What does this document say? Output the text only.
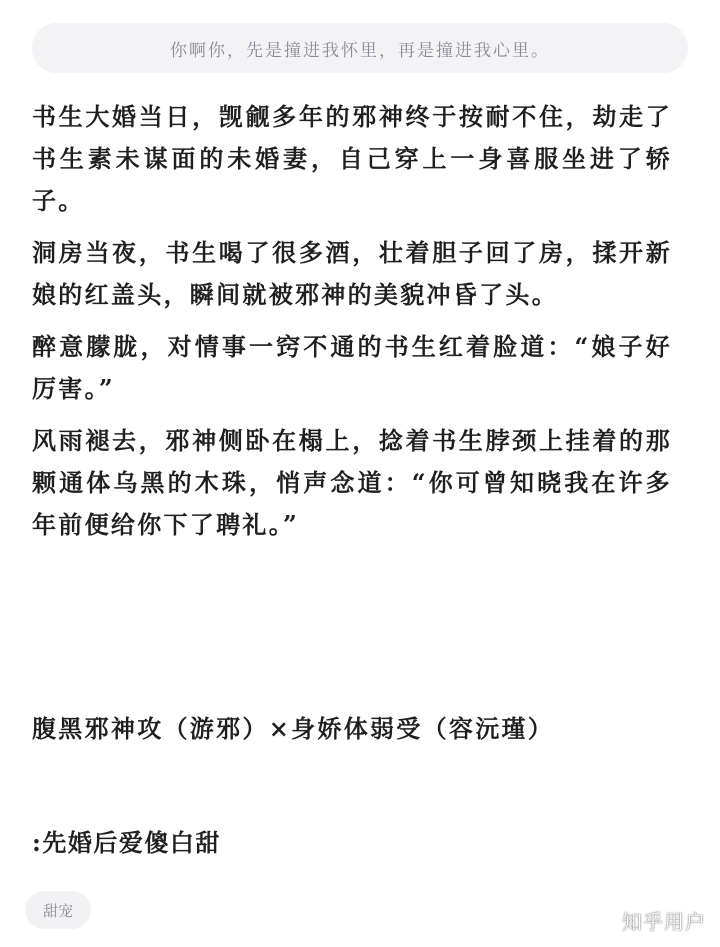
你啊你，先是撞进我怀里，再是撞进我心里。

书生大婚当日，觊觎多年的邪神终于按耐不住，劫走了书生素未谋面的未婚妻，自己穿上一身喜服坐进了轿子。

洞房当夜，书生喝了很多酒，壮着胆子回了房，揉开新娘的红盖头，瞬间就被邪神的美貌冲昏了头。

醉意朦胧，对情事一窍不通的书生红着脸道：“娘子好厉害。”

风雨褪去，邪神侧卧在榻上，捻着书生脖颈上挂着的那颗通体乌黑的木珠，悄声念道：“你可曾知晓我在许多年前便给你下了聘礼。”

腹黑邪神攻（游邪）×身娇体弱受（容沅瑾）
:先婚后爱傻白甜
甜宠	知乎用户
